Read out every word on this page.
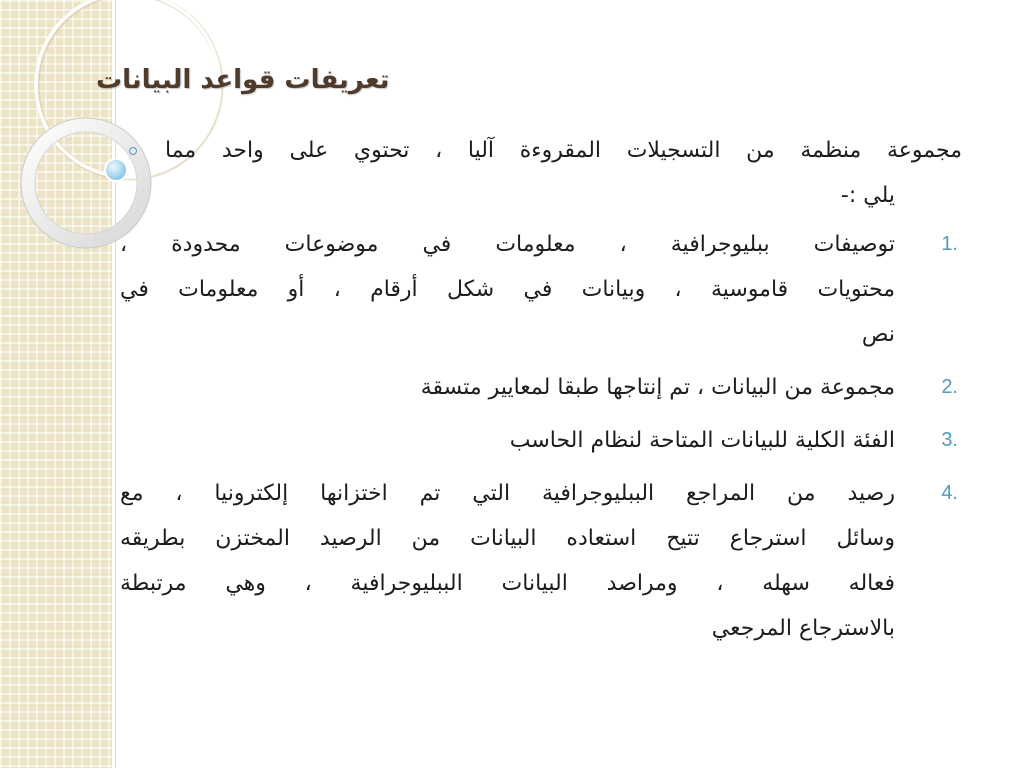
تعريفات قواعد البيانات
مجموعة منظمة من التسجيلات المقروءة آليا ، تحتوي على واحد مما
يلي :-
1.
توصيفات ببليوجرافية ، معلومات في موضوعات محدودة ،
محتويات قاموسية ، وبيانات في شكل أرقام ، أو معلومات في
نص
2.
مجموعة من البيانات ، تم إنتاجها طبقا لمعايير متسقة
3.
الفئة الكلية للبيانات المتاحة لنظام الحاسب
4.
رصيد من المراجع الببليوجرافية التي تم اختزانها إلكترونيا ، مع
وسائل استرجاع تتيح استعاده البيانات من الرصيد المختزن بطريقه
فعاله سهله ، ومراصد البيانات الببليوجرافية ، وهي مرتبطة
بالاسترجاع المرجعي
